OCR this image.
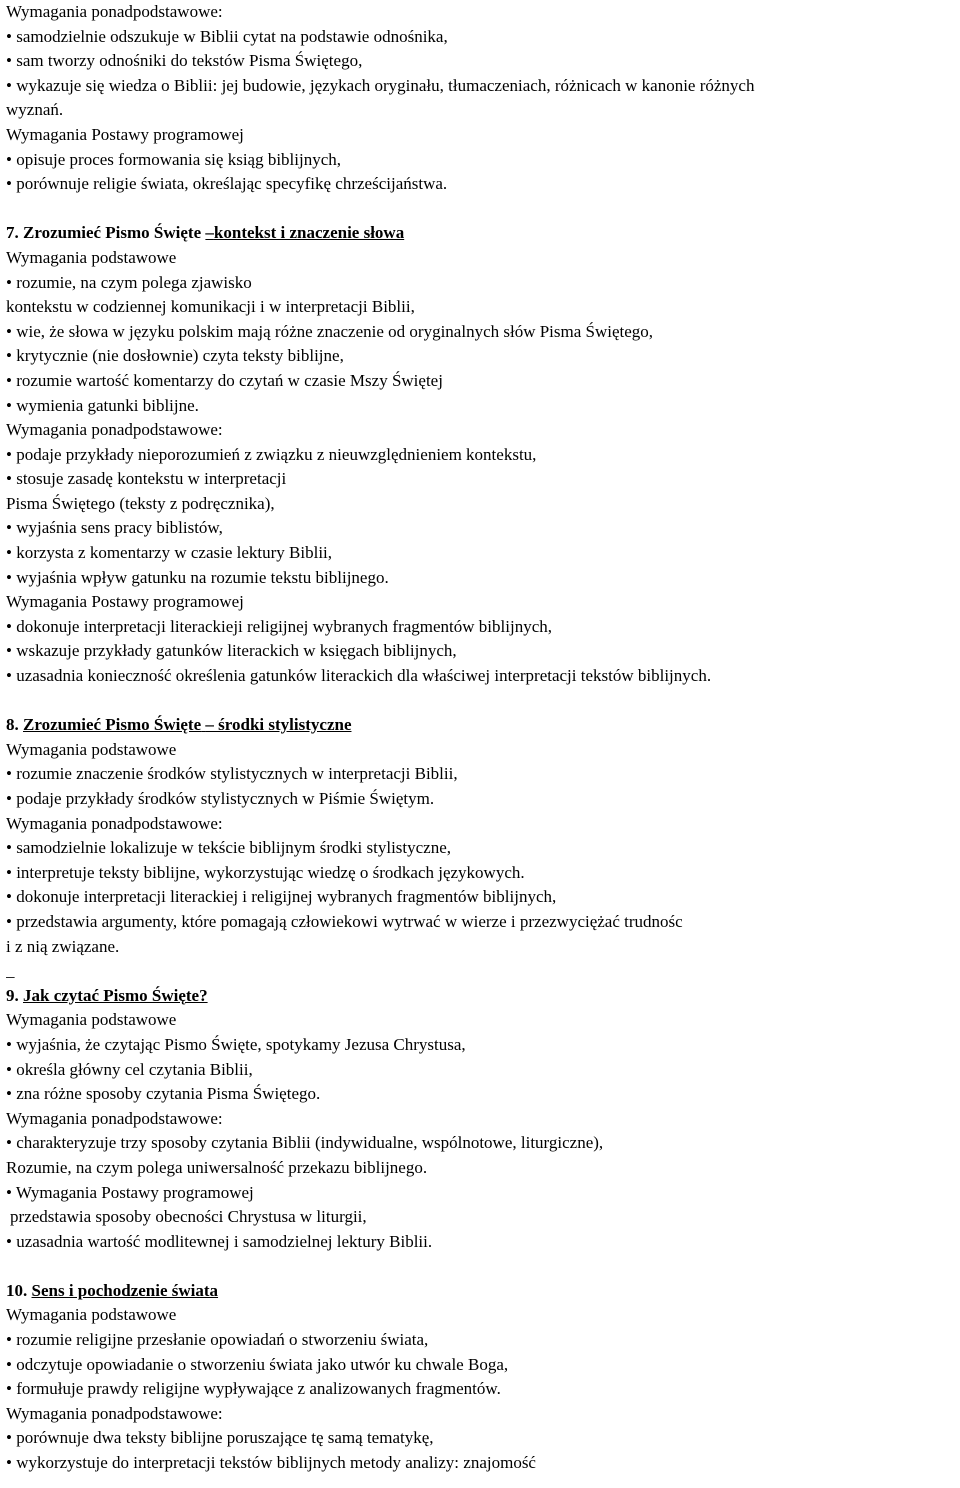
Wymagania ponadpodstawowe:
• samodzielnie odszukuje w Biblii cytat na podstawie odnośnika,
• sam tworzy odnośniki do tekstów Pisma Świętego,
• wykazuje się wiedza o Biblii: jej budowie, językach oryginału, tłumaczeniach, różnicach w kanonie różnych
wyznań.
Wymagania Postawy programowej
• opisuje proces formowania się ksiąg biblijnych,
• porównuje religie świata, określając specyfikę chrześcijaństwa.
7. Zrozumieć Pismo Święte –kontekst i znaczenie słowa
Wymagania podstawowe
• rozumie, na czym polega zjawisko
kontekstu w codziennej komunikacji i w interpretacji Biblii,
• wie, że słowa w języku polskim mają różne znaczenie od oryginalnych słów Pisma Świętego,
• krytycznie (nie dosłownie) czyta teksty biblijne,
• rozumie wartość komentarzy do czytań w czasie Mszy Świętej
• wymienia gatunki biblijne.
Wymagania ponadpodstawowe:
• podaje przykłady nieporozumień z związku z nieuwzględnieniem kontekstu,
• stosuje zasadę kontekstu w interpretacji
Pisma Świętego (teksty z podręcznika),
• wyjaśnia sens pracy biblistów,
• korzysta z komentarzy w czasie lektury Biblii,
• wyjaśnia wpływ gatunku na rozumie tekstu biblijnego.
Wymagania Postawy programowej
• dokonuje interpretacji literackieji religijnej wybranych fragmentów biblijnych,
• wskazuje przykłady gatunków literackich w księgach biblijnych,
• uzasadnia konieczność określenia gatunków literackich dla właściwej interpretacji tekstów biblijnych.
8. Zrozumieć Pismo Święte – środki stylistyczne
Wymagania podstawowe
• rozumie znaczenie środków stylistycznych w interpretacji Biblii,
• podaje przykłady środków stylistycznych w Piśmie Świętym.
Wymagania ponadpodstawowe:
• samodzielnie lokalizuje w tekście biblijnym środki stylistyczne,
• interpretuje teksty biblijne, wykorzystując wiedzę o środkach językowych.
• dokonuje interpretacji literackiej i religijnej wybranych fragmentów biblijnych,
• przedstawia argumenty, które pomagają człowiekowi wytrwać w wierze i przezwyciężać trudnośc
i z nią związane.
_
9. Jak czytać Pismo Święte?
Wymagania podstawowe
• wyjaśnia, że czytając Pismo Święte, spotykamy Jezusa Chrystusa,
• określa główny cel czytania Biblii,
• zna różne sposoby czytania Pisma Świętego.
Wymagania ponadpodstawowe:
• charakteryzuje trzy sposoby czytania Biblii (indywidualne, wspólnotowe, liturgiczne),
Rozumie, na czym polega uniwersalność przekazu biblijnego.
• Wymagania Postawy programowej
przedstawia sposoby obecności Chrystusa w liturgii,
• uzasadnia wartość modlitewnej i samodzielnej lektury Biblii.
10. Sens i pochodzenie świata
Wymagania podstawowe
• rozumie religijne przesłanie opowiadań o stworzeniu świata,
• odczytuje opowiadanie o stworzeniu świata jako utwór ku chwale Boga,
• formułuje prawdy religijne wypływające z analizowanych fragmentów.
Wymagania ponadpodstawowe:
• porównuje dwa teksty biblijne poruszające tę samą tematykę,
• wykorzystuje do interpretacji tekstów biblijnych metody analizy: znajomość
